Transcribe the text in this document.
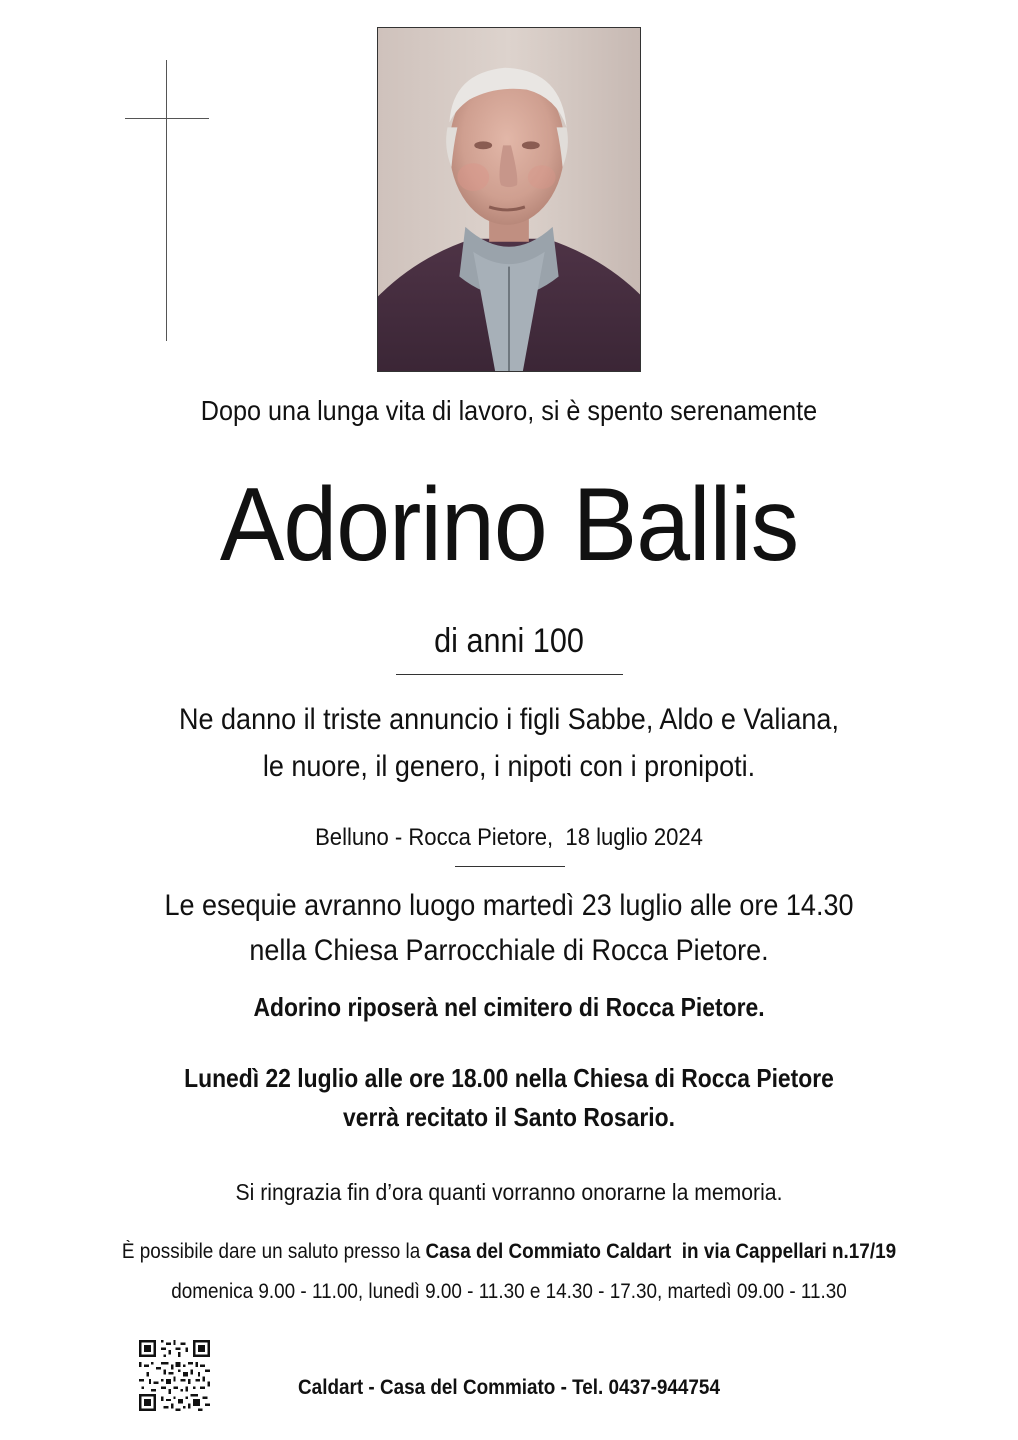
Dopo una lunga vita di lavoro, si è spento serenamente

Adorino Ballis

di anni 100

Ne danno il triste annuncio i figli Sabbe, Aldo e Valiana,

le nuore, il genero, i nipoti con i pronipoti.

Belluno - Rocca Pietore,  18 luglio 2024

Le esequie avranno luogo martedì 23 luglio alle ore 14.30

nella Chiesa Parrocchiale di Rocca Pietore.

Adorino riposerà nel cimitero di Rocca Pietore.

Lunedì 22 luglio alle ore 18.00 nella Chiesa di Rocca Pietore

verrà recitato il Santo Rosario.

Si ringrazia fin d’ora quanti vorranno onorarne la memoria.

È possibile dare un saluto presso la Casa del Commiato Caldart  in via Cappellari n.17/19

domenica 9.00 - 11.00, lunedì 9.00 - 11.30 e 14.30 - 17.30, martedì 09.00 - 11.30

Caldart - Casa del Commiato - Tel. 0437-944754
